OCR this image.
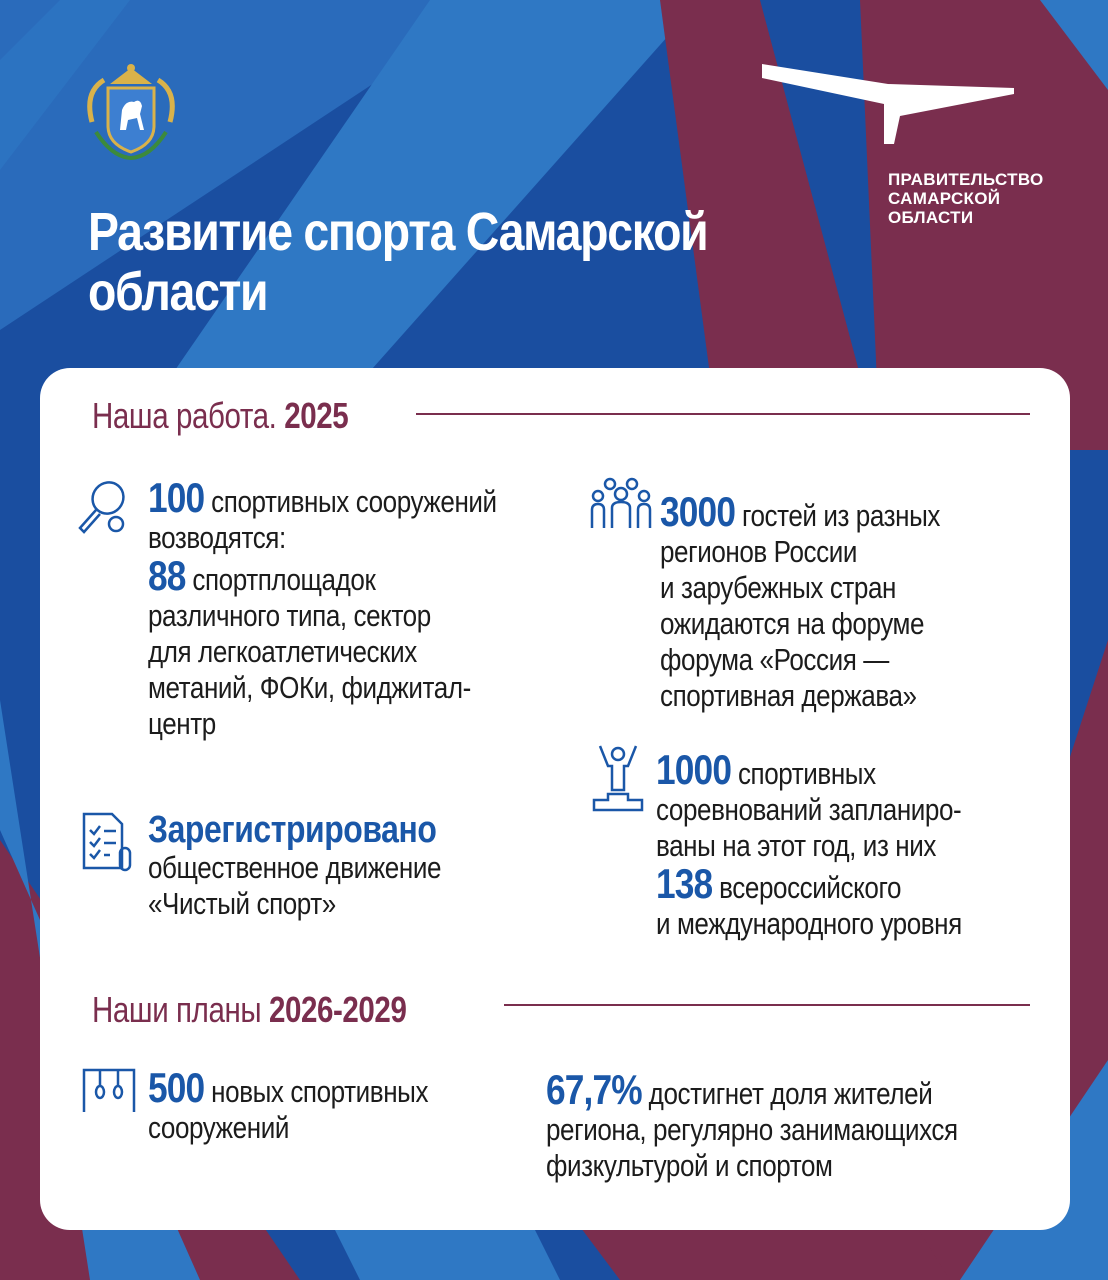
ПРАВИТЕЛЬСТВО
САМАРСКОЙ
ОБЛАСТИ
Развитие спорта Самарской
области
Наша работа. 2025
100 спортивных сооружений
возводятся:
88 спортплощадок
различного типа, сектор
для легкоатлетических
метаний, ФОКи, фиджитал-
центр
3000 гостей из разных
регионов России
и зарубежных стран
ожидаются на форуме
форума «Россия —
спортивная держава»
Зарегистрировано
общественное движение
«Чистый спорт»
1000 спортивных
соревнований запланиро-
ваны на этот год, из них
138 всероссийского
и международного уровня
Наши планы 2026-2029
500 новых спортивных
сооружений
67,7% достигнет доля жителей
региона, регулярно занимающихся
физкультурой и спортом
